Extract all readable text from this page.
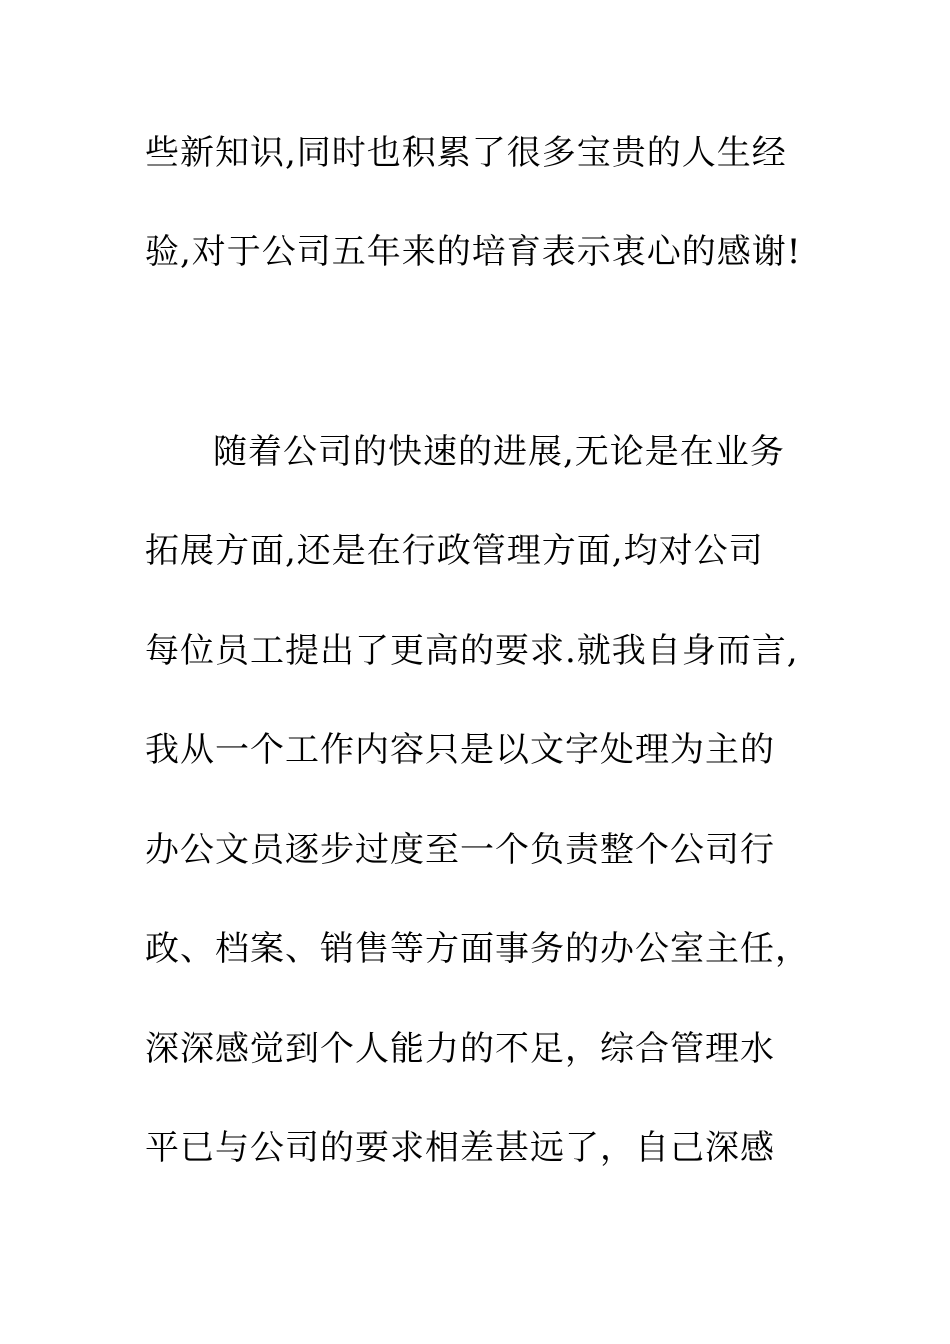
些新知识,同时也积累了很多宝贵的人生经
验,对于公司五年来的培育表示衷心的感谢!
随着公司的快速的进展,无论是在业务
拓展方面,还是在行政管理方面,均对公司
每位员工提出了更高的要求.就我自身而言,
我从一个工作内容只是以文字处理为主的
办公文员逐步过度至一个负责整个公司行
政、档案、销售等方面事务的办公室主任，
深深感觉到个人能力的不足，综合管理水
平已与公司的要求相差甚远了，自己深感
